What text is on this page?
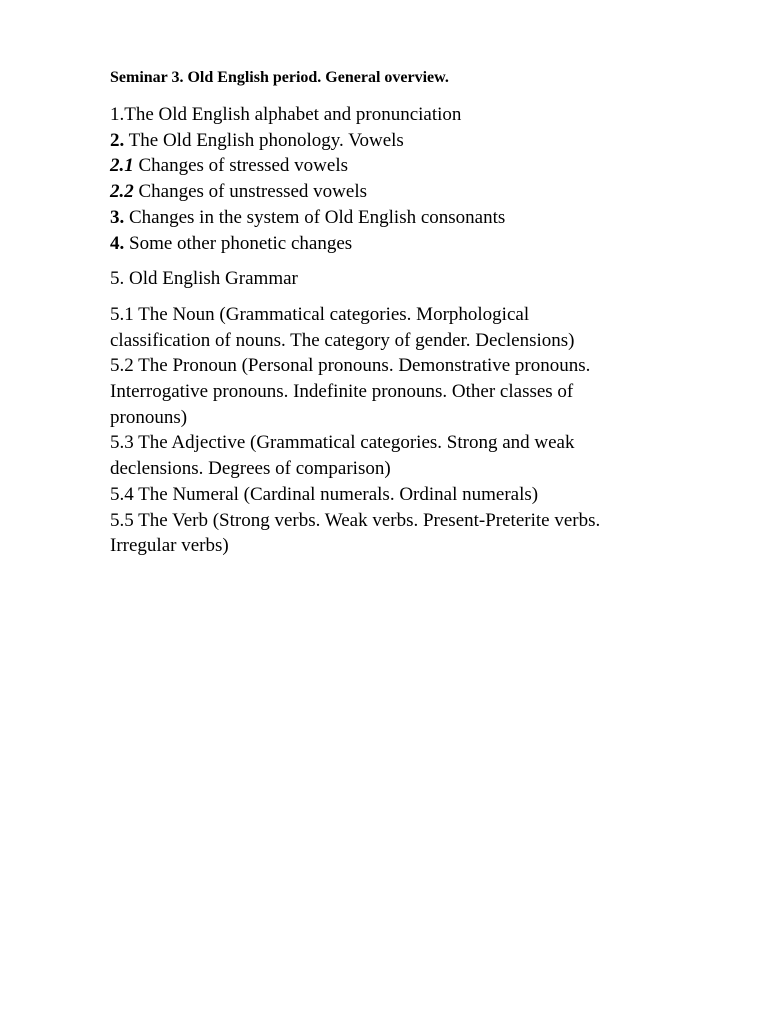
Seminar 3. Old English period. General overview.
1.The Old English alphabet and pronunciation
2. The Old English phonology. Vowels
2.1 Changes of stressed vowels
2.2 Changes of unstressed vowels
3. Changes in the system of Old English consonants
4. Some other phonetic changes
5. Old English Grammar
5.1 The Noun (Grammatical categories. Morphological classification of nouns. The category of gender. Declensions)
5.2 The Pronoun (Personal pronouns. Demonstrative pronouns. Interrogative pronouns. Indefinite pronouns. Other classes of pronouns)
5.3 The Adjective (Grammatical categories. Strong and weak declensions. Degrees of comparison)
5.4 The Numeral (Cardinal numerals. Ordinal numerals)
5.5 The Verb (Strong verbs. Weak verbs. Present-Preterite verbs. Irregular verbs)
